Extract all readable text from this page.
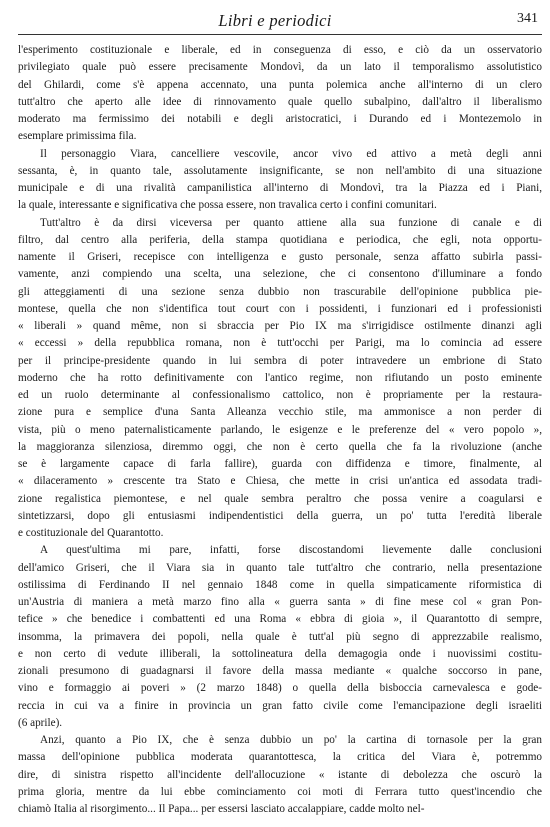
Libri e periodici	341
l'esperimento costituzionale e liberale, ed in conseguenza di esso, e ciò da un osservatorio
privilegiato quale può essere precisamente Mondovì, da un lato il temporalismo assolutistico
del Ghilardi, come s'è appena accennato, una punta polemica anche all'interno di un clero
tutt'altro che aperto alle idee di rinnovamento quale quello subalpino, dall'altro il liberalismo
moderato ma fermissimo dei notabili e degli aristocratici, i Durando ed i Montezemolo in
esemplare primissima fila.
Il personaggio Viara, cancelliere vescovile, ancor vivo ed attivo a metà degli anni
sessanta, è, in quanto tale, assolutamente insignificante, se non nell'ambito di una situazione
municipale e di una rivalità campanilistica all'interno di Mondovì, tra la Piazza ed i Piani,
la quale, interessante e significativa che possa essere, non travalica certo i confini comunitari.
Tutt'altro è da dirsi viceversa per quanto attiene alla sua funzione di canale e di
filtro, dal centro alla periferia, della stampa quotidiana e periodica, che egli, nota opportu-
namente il Griseri, recepisce con intelligenza e gusto personale, senza affatto subirla passi-
vamente, anzi compiendo una scelta, una selezione, che ci consentono d'illuminare a fondo
gli atteggiamenti di una sezione senza dubbio non trascurabile dell'opinione pubblica pie-
montese, quella che non s'identifica tout court con i possidenti, i funzionari ed i professionisti
« liberali » quand même, non si sbraccia per Pio IX ma s'irrigidisce ostilmente dinanzi agli
« eccessi » della repubblica romana, non è tutt'occhi per Parigi, ma lo comincia ad essere
per il principe-presidente quando in lui sembra di poter intravedere un embrione di Stato
moderno che ha rotto definitivamente con l'antico regime, non rifiutando un posto eminente
ed un ruolo determinante al confessionalismo cattolico, non è propriamente per la restaura-
zione pura e semplice d'una Santa Alleanza vecchio stile, ma ammonisce a non perder di
vista, più o meno paternalisticamente parlando, le esigenze e le preferenze del « vero popolo »,
la maggioranza silenziosa, diremmo oggi, che non è certo quella che fa la rivoluzione (anche
se è largamente capace di farla fallire), guarda con diffidenza e timore, finalmente, al
« dilaceramento » crescente tra Stato e Chiesa, che mette in crisi un'antica ed assodata tradi-
zione regalistica piemontese, e nel quale sembra peraltro che possa venire a coagularsi e
sintetizzarsi, dopo gli entusiasmi indipendentistici della guerra, un po' tutta l'eredità liberale
e costituzionale del Quarantotto.
A quest'ultima mi pare, infatti, forse discostandomi lievemente dalle conclusioni
dell'amico Griseri, che il Viara sia in quanto tale tutt'altro che contrario, nella presentazione
ostilissima di Ferdinando II nel gennaio 1848 come in quella simpaticamente riformistica di
un'Austria di maniera a metà marzo fino alla « guerra santa » di fine mese col « gran Pon-
tefice » che benedice i combattenti ed una Roma « ebbra di gioia », il Quarantotto di sempre,
insomma, la primavera dei popoli, nella quale è tutt'al più segno di apprezzabile realismo,
e non certo di vedute illiberali, la sottolineatura della demagogia onde i nuovissimi costitu-
zionali presumono di guadagnarsi il favore della massa mediante « qualche soccorso in pane,
vino e formaggio ai poveri » (2 marzo 1848) o quella della bisboccia carnevalesca e gode-
reccia in cui va a finire in provincia un gran fatto civile come l'emancipazione degli israeliti
(6 aprile).
Anzi, quanto a Pio IX, che è senza dubbio un po' la cartina di tornasole per la gran
massa dell'opinione pubblica moderata quarantottesca, la critica del Viara è, potremmo
dire, di sinistra rispetto all'incidente dell'allocuzione « istante di debolezza che oscurò la
prima gloria, mentre da lui ebbe cominciamento coi moti di Ferrara tutto quest'incendio che
chiamò Italia al risorgimento... Il Papa... per essersi lasciato accalappiare, cadde molto nel-
